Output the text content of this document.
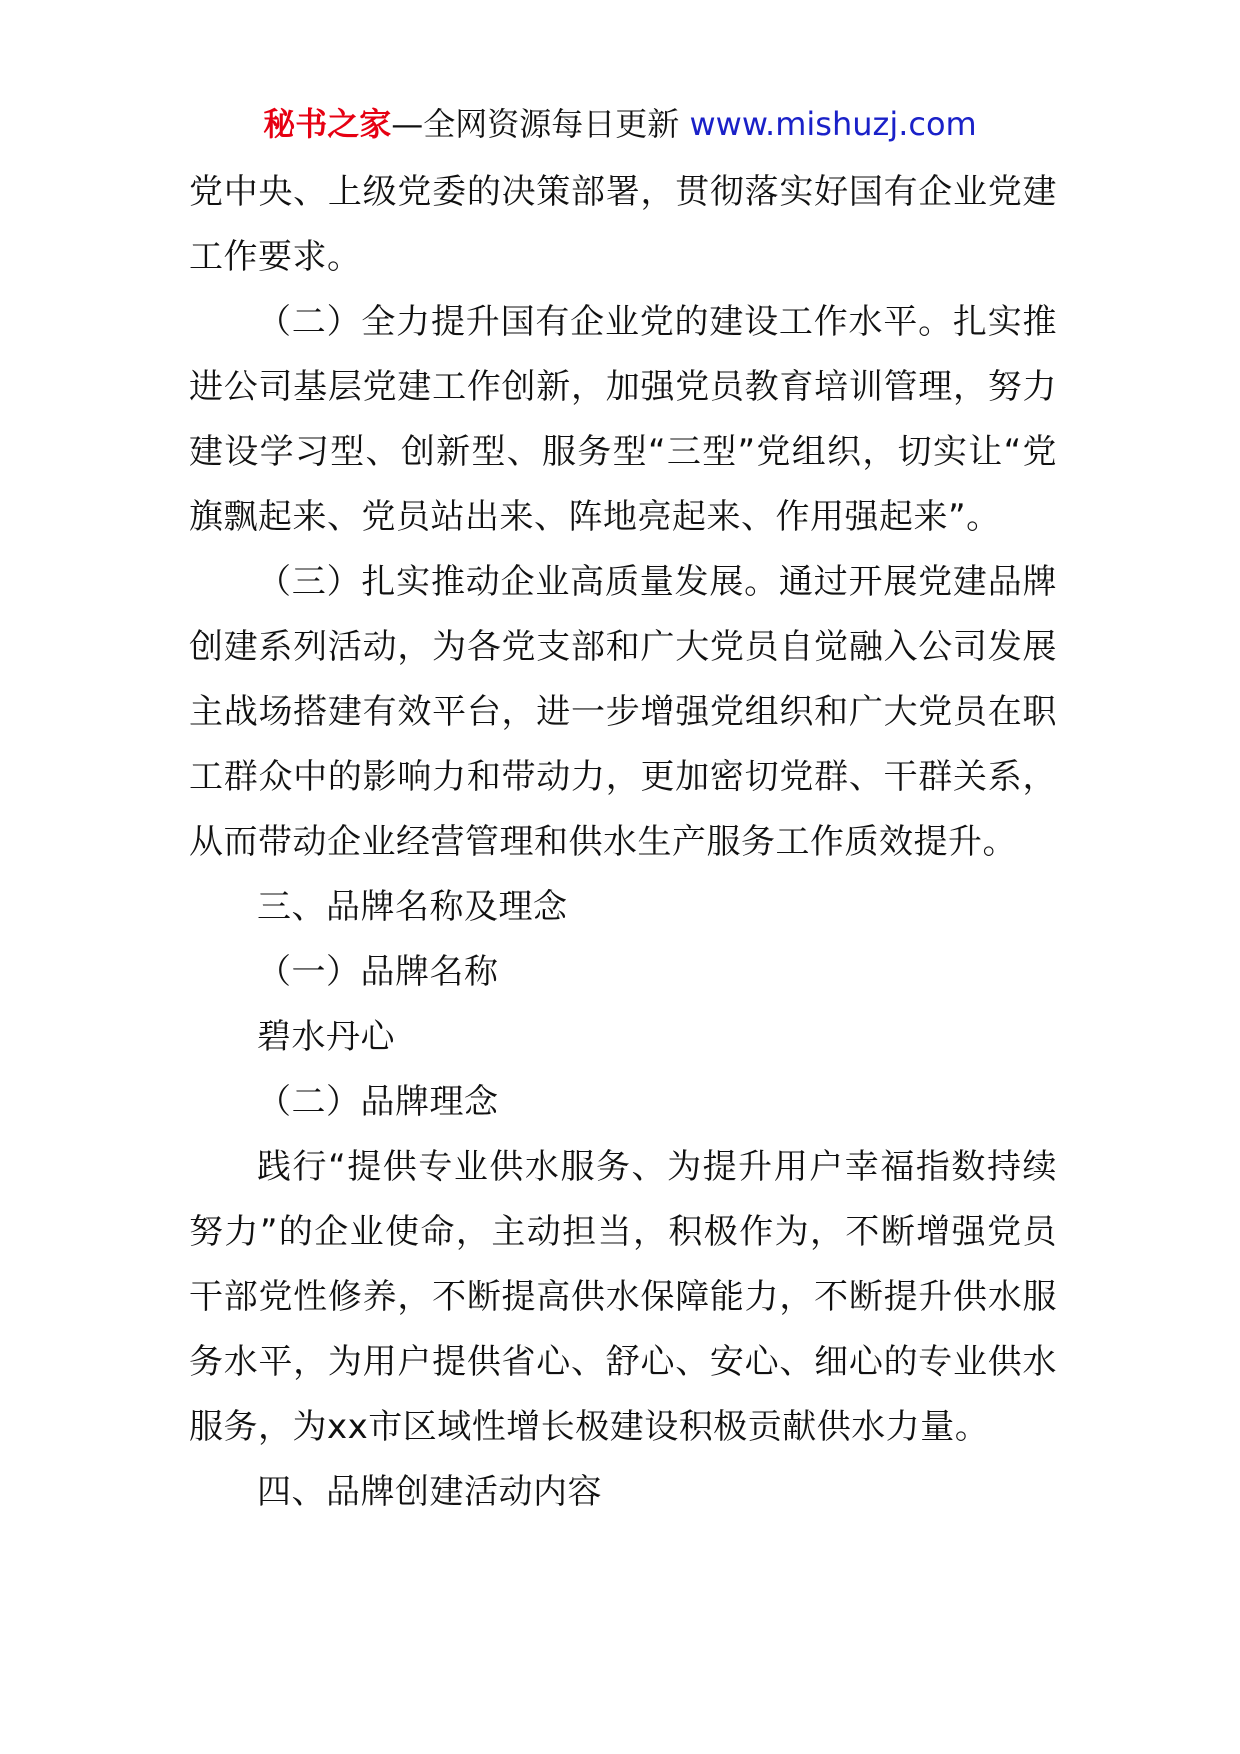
秘书之家—全网资源每日更新 www.mishuzj.com

党中央、上级党委的决策部署，贯彻落实好国有企业党建工作要求。

（二）全力提升国有企业党的建设工作水平。扎实推进公司基层党建工作创新，加强党员教育培训管理，努力建设学习型、创新型、服务型“三型”党组织，切实让“党旗飘起来、党员站出来、阵地亮起来、作用强起来”。

（三）扎实推动企业高质量发展。通过开展党建品牌创建系列活动，为各党支部和广大党员自觉融入公司发展主战场搭建有效平台，进一步增强党组织和广大党员在职工群众中的影响力和带动力，更加密切党群、干群关系，从而带动企业经营管理和供水生产服务工作质效提升。

三、品牌名称及理念

（一）品牌名称

碧水丹心

（二）品牌理念

践行“提供专业供水服务、为提升用户幸福指数持续努力”的企业使命，主动担当，积极作为，不断增强党员干部党性修养，不断提高供水保障能力，不断提升供水服务水平，为用户提供省心、舒心、安心、细心的专业供水服务，为xx市区域性增长极建设积极贡献供水力量。

四、品牌创建活动内容
